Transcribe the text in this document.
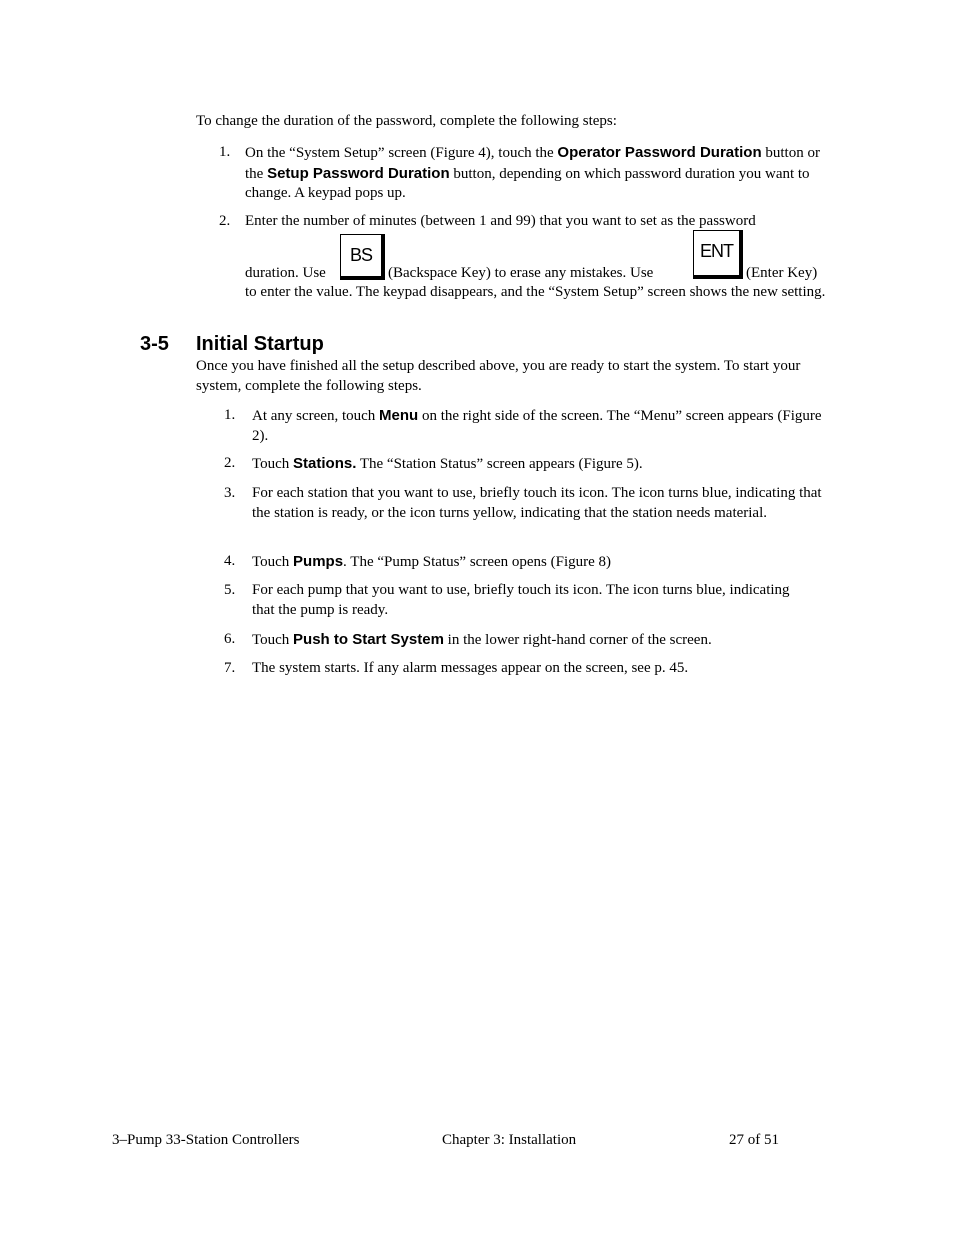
To change the duration of the password, complete the following steps:
1. On the “System Setup” screen (Figure 4), touch the Operator Password Duration button or the Setup Password Duration button, depending on which password duration you want to change. A keypad pops up.
2. Enter the number of minutes (between 1 and 99) that you want to set as the password
duration. Use
BS
(Backspace Key) to erase any mistakes. Use
ENT
(Enter Key)
to enter the value. The keypad disappears, and the “System Setup” screen shows the new setting.
3-5 Initial Startup
Once you have finished all the setup described above, you are ready to start the system. To start your system, complete the following steps.
1. At any screen, touch Menu on the right side of the screen. The “Menu” screen appears (Figure 2).
2. Touch Stations. The “Station Status” screen appears (Figure 5).
3. For each station that you want to use, briefly touch its icon. The icon turns blue, indicating that the station is ready, or the icon turns yellow, indicating that the station needs material.
4. Touch Pumps. The “Pump Status” screen opens (Figure 8)
5. For each pump that you want to use, briefly touch its icon. The icon turns blue, indicating that the pump is ready.
6. Touch Push to Start System in the lower right-hand corner of the screen.
7. The system starts. If any alarm messages appear on the screen, see p. 45.
3–Pump 33-Station Controllers	Chapter 3: Installation	27 of 51
